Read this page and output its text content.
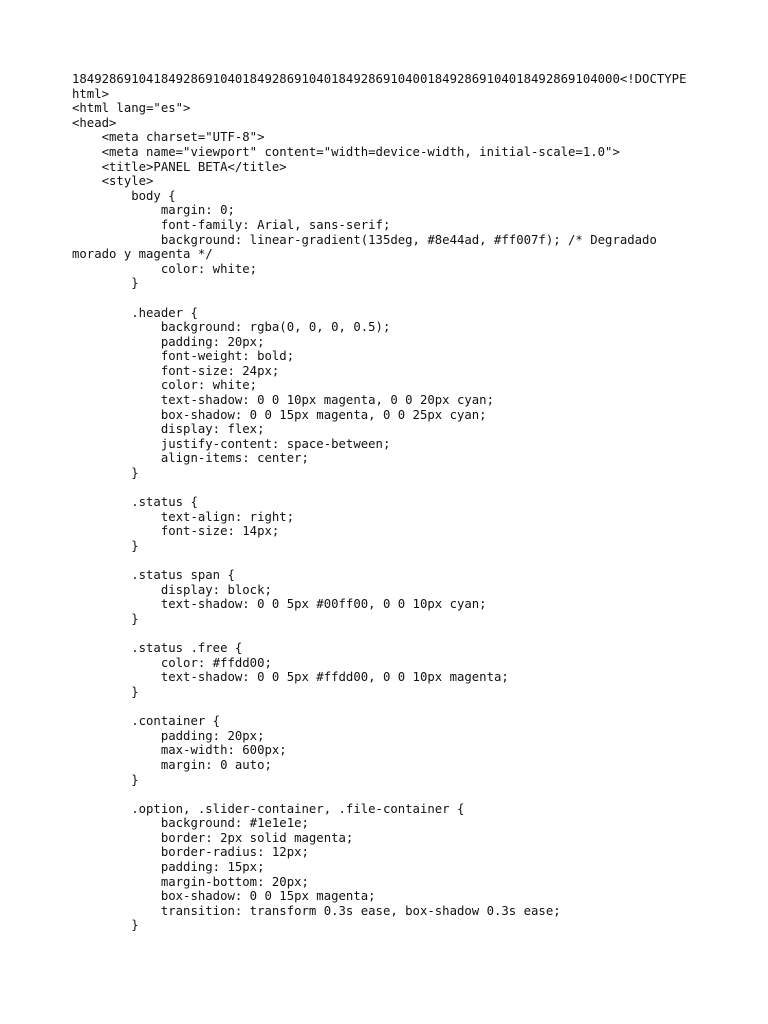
18492869104184928691040184928691040184928691040018492869104018492869104000<!DOCTYPE
html>
<html lang="es">
<head>
<meta charset="UTF-8">
<meta name="viewport" content="width=device-width, initial-scale=1.0">
<title>PANEL BETA</title>
<style>
body {
margin: 0;
font-family: Arial, sans-serif;
background: linear-gradient(135deg, #8e44ad, #ff007f); /* Degradado
morado y magenta */
color: white;
}
.header {
background: rgba(0, 0, 0, 0.5);
padding: 20px;
font-weight: bold;
font-size: 24px;
color: white;
text-shadow: 0 0 10px magenta, 0 0 20px cyan;
box-shadow: 0 0 15px magenta, 0 0 25px cyan;
display: flex;
justify-content: space-between;
align-items: center;
}
.status {
text-align: right;
font-size: 14px;
}
.status span {
display: block;
text-shadow: 0 0 5px #00ff00, 0 0 10px cyan;
}
.status .free {
color: #ffdd00;
text-shadow: 0 0 5px #ffdd00, 0 0 10px magenta;
}
.container {
padding: 20px;
max-width: 600px;
margin: 0 auto;
}
.option, .slider-container, .file-container {
background: #1e1e1e;
border: 2px solid magenta;
border-radius: 12px;
padding: 15px;
margin-bottom: 20px;
box-shadow: 0 0 15px magenta;
transition: transform 0.3s ease, box-shadow 0.3s ease;
}
